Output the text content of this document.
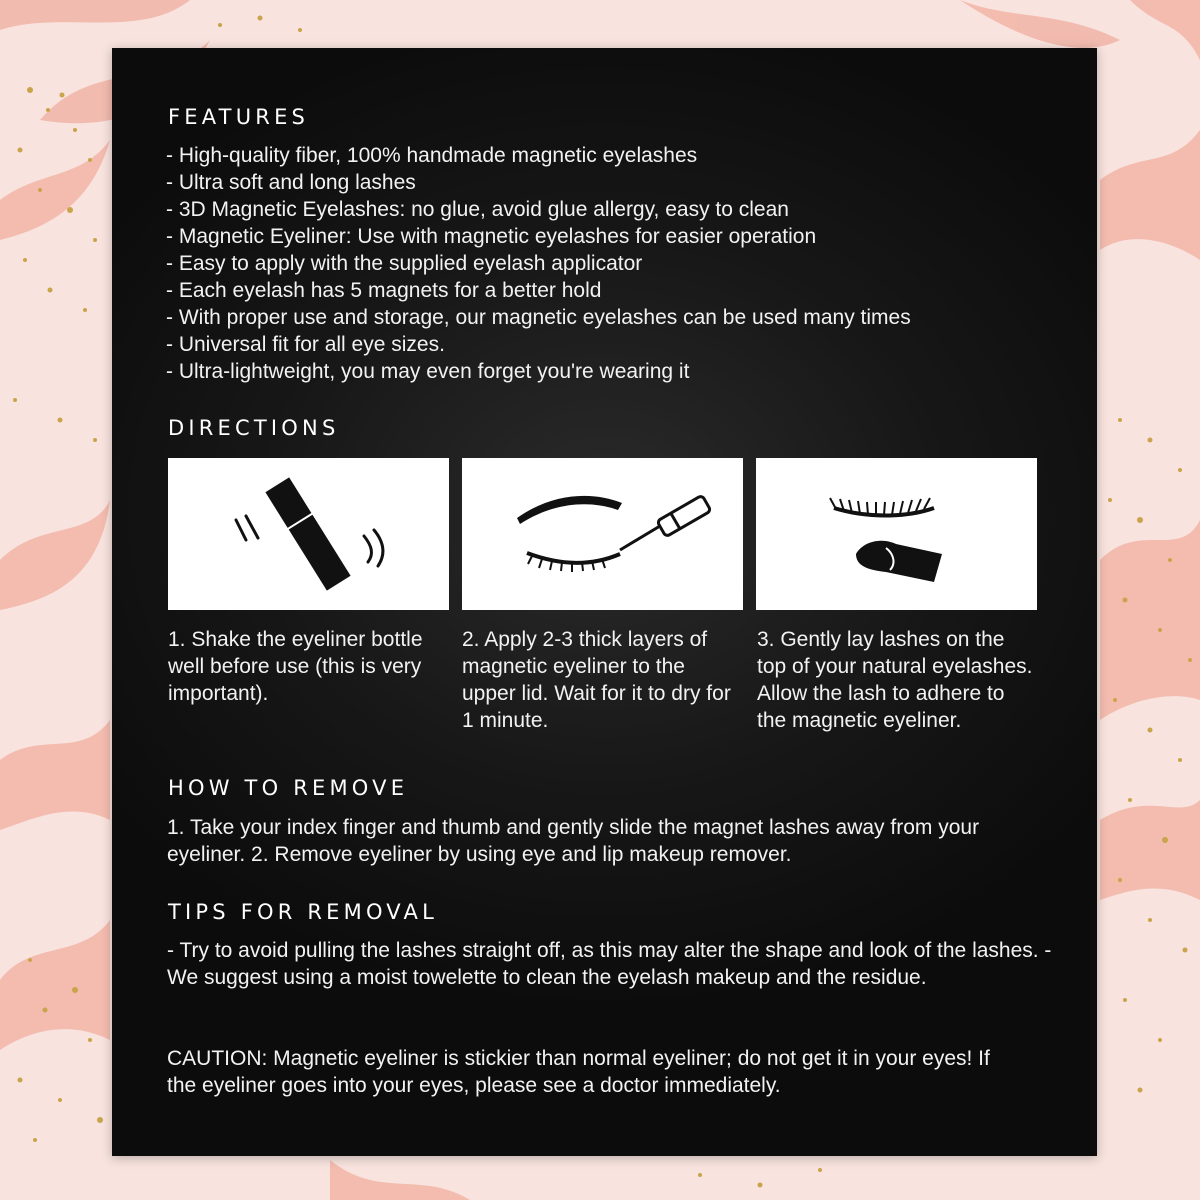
FEATURES
- High-quality fiber, 100% handmade magnetic eyelashes
- Ultra soft and long lashes
- 3D Magnetic Eyelashes: no glue, avoid glue allergy, easy to clean
- Magnetic Eyeliner: Use with magnetic eyelashes for easier operation
- Easy to apply with the supplied eyelash applicator
- Each eyelash has 5 magnets for a better hold
- With proper use and storage, our magnetic eyelashes can be used many times
- Universal fit for all eye sizes.
- Ultra-lightweight, you may even forget you're wearing it
DIRECTIONS

1. Shake the eyeliner bottle well before use (this is very important).

2. Apply 2-3 thick layers of magnetic eyeliner to the upper lid. Wait for it to dry for 1 minute.

3. Gently lay lashes on the top of your natural eyelashes. Allow the lash to adhere to the magnetic eyeliner.

HOW TO REMOVE

1. Take your index finger and thumb and gently slide the magnet lashes away from your eyeliner. 2. Remove eyeliner by using eye and lip makeup remover.

TIPS FOR REMOVAL

- Try to avoid pulling the lashes straight off, as this may alter the shape and look of the lashes. - We suggest using a moist towelette to clean the eyelash makeup and the residue.

CAUTION: Magnetic eyeliner is stickier than normal eyeliner; do not get it in your eyes! If the eyeliner goes into your eyes, please see a doctor immediately.
